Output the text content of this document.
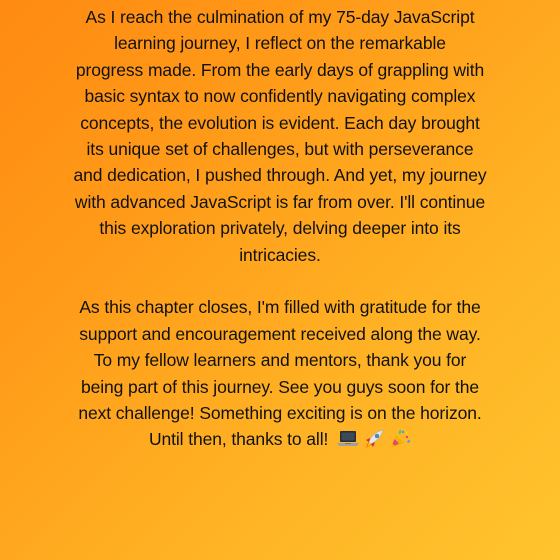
As I reach the culmination of my 75-day JavaScript
learning journey, I reflect on the remarkable
progress made. From the early days of grappling with
basic syntax to now confidently navigating complex
concepts, the evolution is evident. Each day brought
its unique set of challenges, but with perseverance
and dedication, I pushed through. And yet, my journey
with advanced JavaScript is far from over. I'll continue
this exploration privately, delving deeper into its
intricacies.
As this chapter closes, I'm filled with gratitude for the
support and encouragement received along the way.
To my fellow learners and mentors, thank you for
being part of this journey. See you guys soon for the
next challenge! Something exciting is on the horizon.
Until then, thanks to all!
